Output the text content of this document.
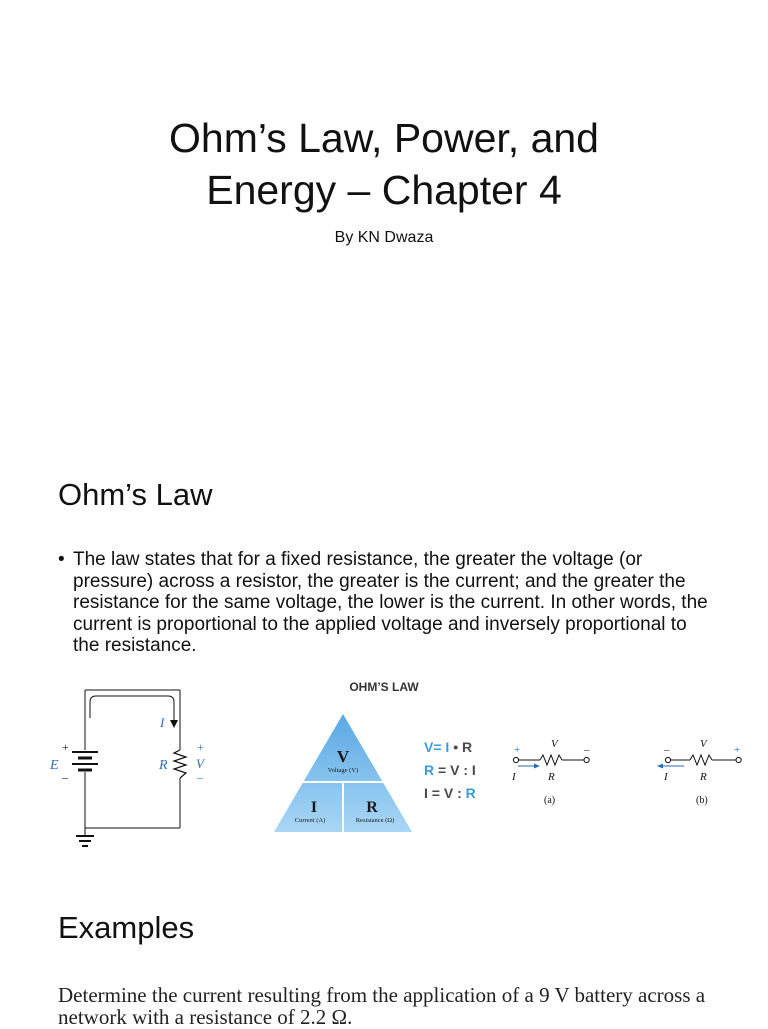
Ohm’s Law, Power, and
Energy – Chapter 4
By KN Dwaza
Ohm’s Law
• The law states that for a fixed resistance, the greater the voltage (or pressure) across a resistor, the greater is the current; and the greater the resistance for the same voltage, the lower is the current. In other words, the current is proportional to the applied voltage and inversely proportional to the resistance.
+
E
–
I
R
+
V
–
OHM’S LAW
V
Voltage (V)
I
Current (A)
R
Resistance (Ω)
V= I • R
R = V : I
I = V : R
V
+	–
I	R
(a)
V
–	+
I	R
(b)
Examples
Determine the current resulting from the application of a 9 V battery across a network with a resistance of 2.2 Ω.
